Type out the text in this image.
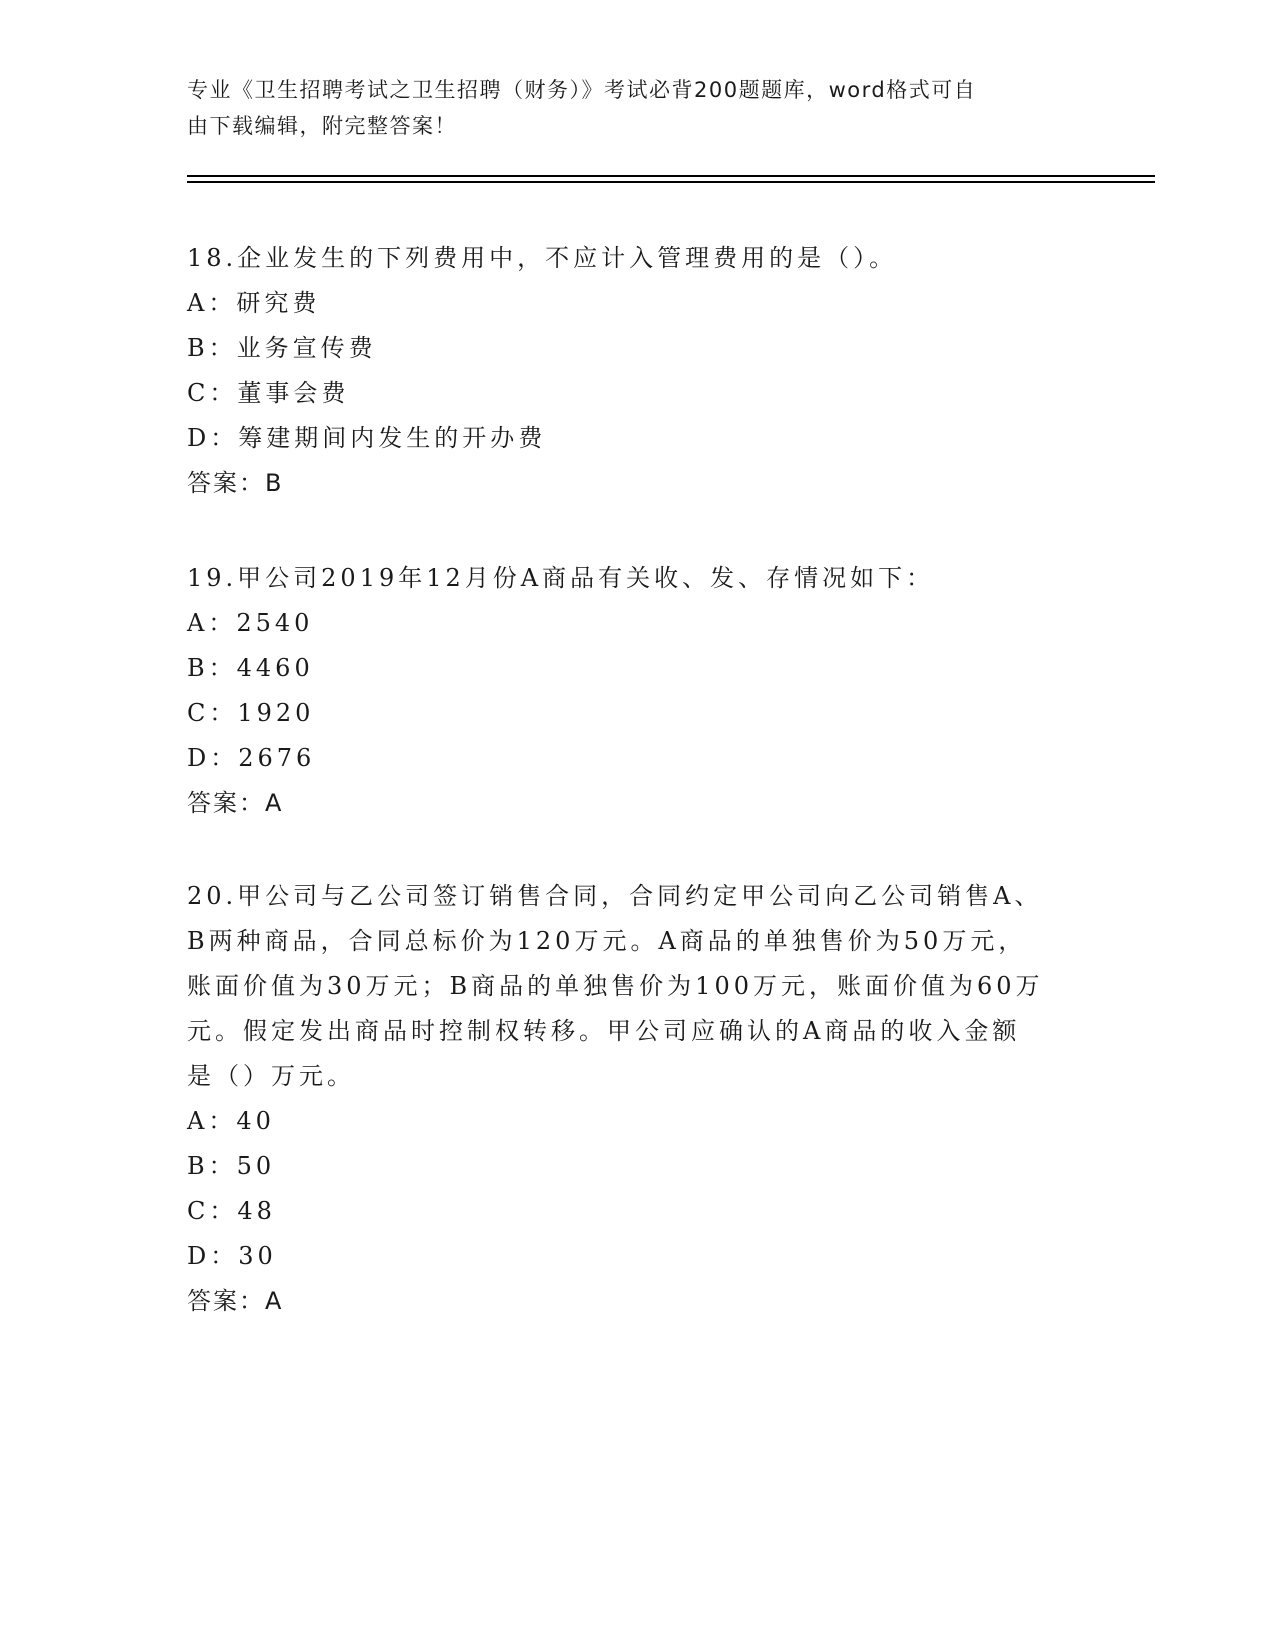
专业《卫生招聘考试之卫生招聘（财务）》考试必背200题题库，word格式可自
由下载编辑，附完整答案！
18.企业发生的下列费用中，不应计入管理费用的是（）。
A：研究费
B：业务宣传费
C：董事会费
D：筹建期间内发生的开办费
答案：B
19.甲公司2019年12月份A商品有关收、发、存情况如下：
A：2540
B：4460
C：1920
D：2676
答案：A
20.甲公司与乙公司签订销售合同，合同约定甲公司向乙公司销售A、
B两种商品，合同总标价为120万元。A商品的单独售价为50万元，
账面价值为30万元；B商品的单独售价为100万元，账面价值为60万
元。假定发出商品时控制权转移。甲公司应确认的A商品的收入金额
是（）万元。
A：40
B：50
C：48
D：30
答案：A
